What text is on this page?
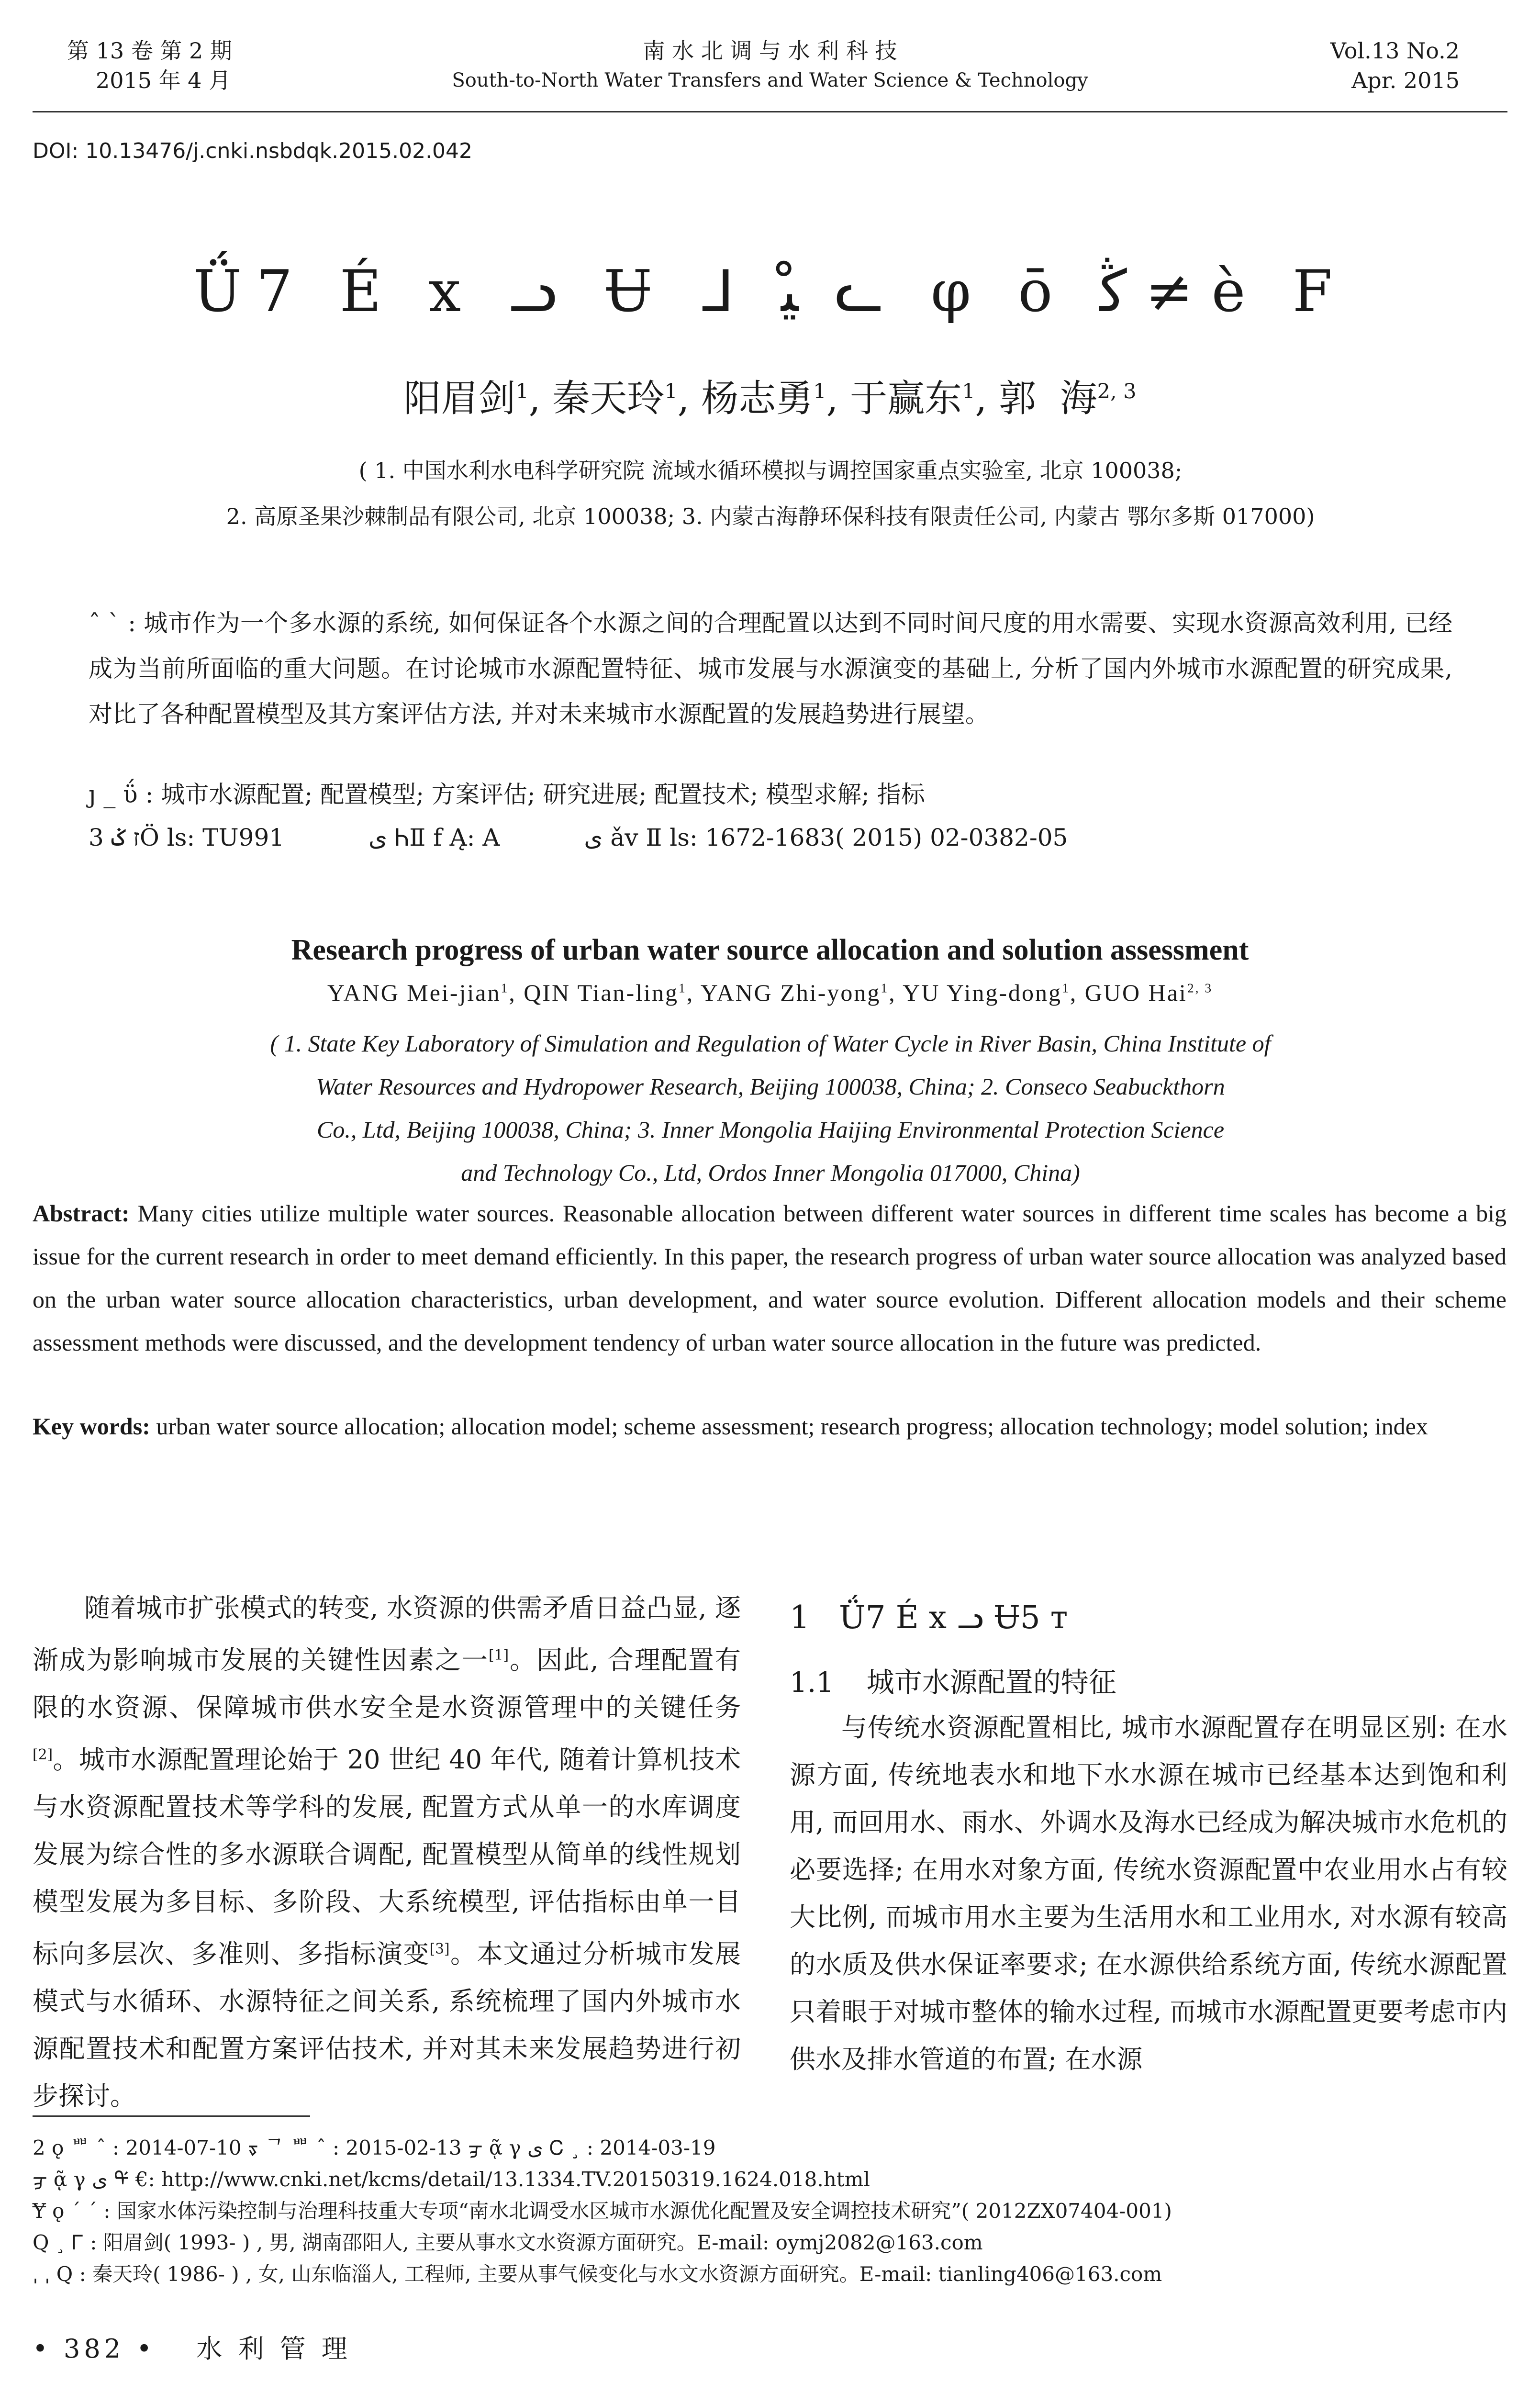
第 13 卷 第 2 期
2015 年 4 月
南 水 北 调 与 水 利 科 技
South-to-North Water Transfers and Water Science & Technology
Vol.13 No.2
Apr. 2015
DOI: 10.13476/j.cnki.nsbdqk.2015.02.042
Ǘ7 É x ᓗ Ʉ ᒧ ﯿ ̊ ᓚ φ ō ﯕ ≠ è F
阳眉剑$^1$, 秦天玲$^1$, 杨志勇$^1$, 于赢东$^1$, 郭  海$^{2, 3}$
( 1. 中国水利水电科学研究院 流域水循环模拟与调控国家重点实验室, 北京 100038;
2. 高原圣果沙棘制品有限公司, 北京 100038; 3. 内蒙古海静环保科技有限责任公司, 内蒙古 鄂尔多斯 017000)
ˆ ˋ : 城市作为一个多水源的系统, 如何保证各个水源之间的合理配置以达到不同时间尺度的用水需要、实现水资源高效利用, 已经成为当前所面临的重大问题。在讨论城市水源配置特征、城市发展与水源演变的基础上, 分析了国内外城市水源配置的研究成果, 对比了各种配置模型及其方案评估方法, 并对未来城市水源配置的发展趋势进行展望。
ȷ _ ΰ : 城市水源配置; 配置模型; 方案评估; 研究进展; 配置技术; 模型求解; 指标
3 ז ݢÖ ls: TU991	ى ᏂⅡ f Ą: A	ى ǎv Ⅱ ls: 1672-1683( 2015) 02-0382-05
Research progress of urban water source allocation and solution assessment
YANG Mei-jian$^1$, QIN Tian-ling$^1$, YANG Zhi-yong$^1$, YU Ying-dong$^1$, GUO Hai$^{2, 3}$
( 1. State Key Laboratory of Simulation and Regulation of Water Cycle in River Basin, China Institute of
Water Resources and Hydropower Research, Beijing 100038, China; 2. Conseco Seabuckthorn
Co., Ltd, Beijing 100038, China; 3. Inner Mongolia Haijing Environmental Protection Science
and Technology Co., Ltd, Ordos Inner Mongolia 017000, China)
Abstract: Many cities utilize multiple water sources. Reasonable allocation between different water sources in different time scales has become a big issue for the current research in order to meet demand efficiently. In this paper, the research progress of urban water source allocation was analyzed based on the urban water source allocation characteristics, urban development, and water source evolution. Different allocation models and their scheme assessment methods were discussed, and the development tendency of urban water source allocation in the future was predicted.
Key words: urban water source allocation; allocation model; scheme assessment; research progress; allocation technology; model solution; index
随着城市扩张模式的转变, 水资源的供需矛盾日益凸显, 逐渐成为影响城市发展的关键性因素之一[1]。因此, 合理配置有限的水资源、保障城市供水安全是水资源管理中的关键任务[2]。城市水源配置理论始于 20 世纪 40 年代, 随着计算机技术与水资源配置技术等学科的发展, 配置方式从单一的水库调度发展为综合性的多水源联合调配, 配置模型从简单的线性规划模型发展为多目标、多阶段、大系统模型, 评估指标由单一目标向多层次、多准则、多指标演变[3]。本文通过分析城市发展模式与水循环、水源特征之间关系, 系统梳理了国内外城市水源配置技术和配置方案评估技术, 并对其未来发展趋势进行初步探讨。
1 Ǘ7 É x ᓗ Ʉ5 т
1.1 城市水源配置的特征
与传统水资源配置相比, 城市水源配置存在明显区别: 在水源方面, 传统地表水和地下水水源在城市已经基本达到饱和利用, 而回用水、雨水、外调水及海水已经成为解决城市水危机的必要选择; 在用水对象方面, 传统水资源配置中农业用水占有较大比例, 而城市用水主要为生活用水和工业用水, 对水源有较高的水质及供水保证率要求; 在水源供给系统方面, 传统水源配置只着眼于对城市整体的输水过程, 而城市水源配置更要考虑市内供水及排水管道的布置; 在水源
2 ǫ ᄈ ˆ : 2014-07-10 ᢌ ᄀ ᄈ ˆ : 2015-02-13 ᢖ ᾷ γ ى Ꮯ ¸ : 2014-03-19
ᢖ ᾷ γ ى ᡩ €: http://www.cnki.net/kcms/detail/13.1334.TV.20150319.1624.018.html
Ɏ ǫ ˊ ˊ : 国家水体污染控制与治理科技重大专项“南水北调受水区城市水源优化配置及安全调控技术研究”( 2012ZX07404-001)
Q ¸ Ꮁ : 阳眉剑( 1993- ) , 男, 湖南邵阳人, 主要从事水文水资源方面研究。E-mail: oymj2082@163.com
ˌ ˌ Q : 秦天玲( 1986- ) , 女, 山东临淄人, 工程师, 主要从事气候变化与水文水资源方面研究。E-mail: tianling406@163.com
• 382 • 水 利 管 理
